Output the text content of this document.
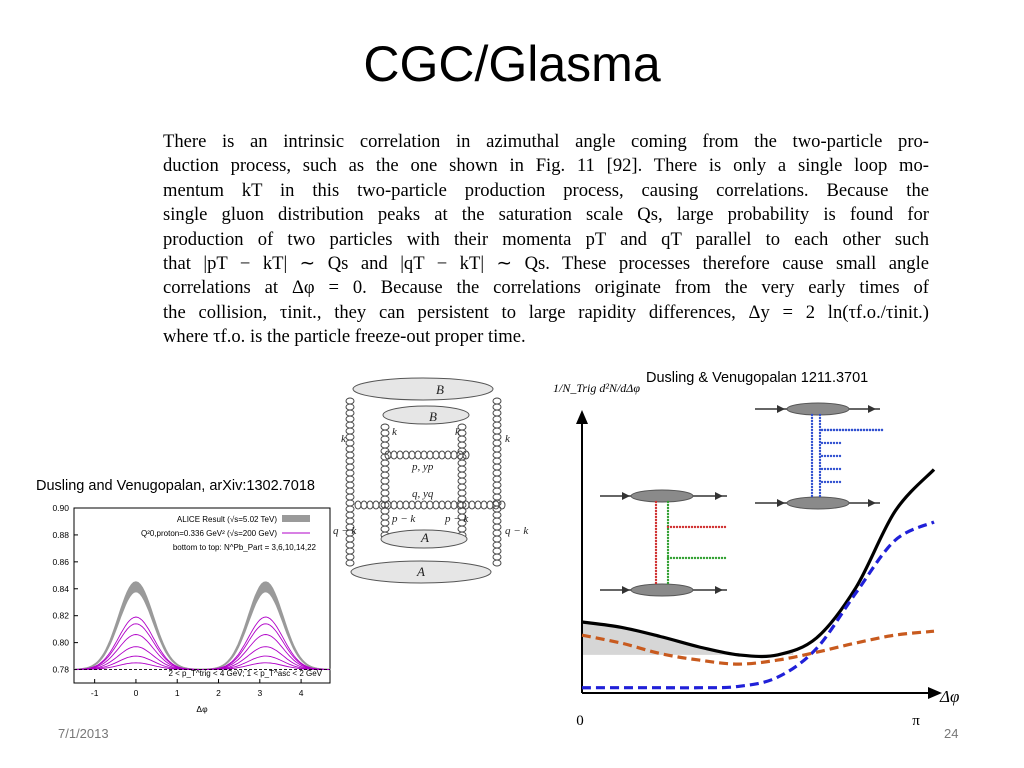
CGC/Glasma
There is an intrinsic correlation in azimuthal angle coming from the two-particle pro-
duction process, such as the one shown in Fig. 11 [92]. There is only a single loop mo-
mentum kT in this two-particle production process, causing correlations. Because the
single gluon distribution peaks at the saturation scale Qs, large probability is found for
production of two particles with their momenta pT and qT parallel to each other such
that |pT − kT| ∼ Qs and |qT − kT| ∼ Qs. These processes therefore cause small angle
correlations at Δφ = 0. Because the correlations originate from the very early times of
the collision, τinit., they can persistent to large rapidity differences, Δy = 2 ln(τf.o./τinit.)
where τf.o. is the particle freeze-out proper time.
Dusling and Venugopalan, arXiv:1302.7018
Dusling & Venugopalan 1211.3701
B
B
k
k	k
k
p, yp
q, yq
q − k
p − k	p − k
q − k
A
A
0.78
0.80
0.82
0.84
0.86
0.88
0.90
-1	0	1	2	3	4
Δφ
ALICE Result (√s=5.02 TeV)
Q²0,proton=0.336 GeV² (√s=200 GeV)
bottom to top: N^Pb_Part = 3,6,10,14,22
2 < p_T^trig < 4 GeV; 1 < p_T^asc < 2 GeV
1/N_Trig d²N/dΔφ
Δφ
0	π
7/1/2013	24
